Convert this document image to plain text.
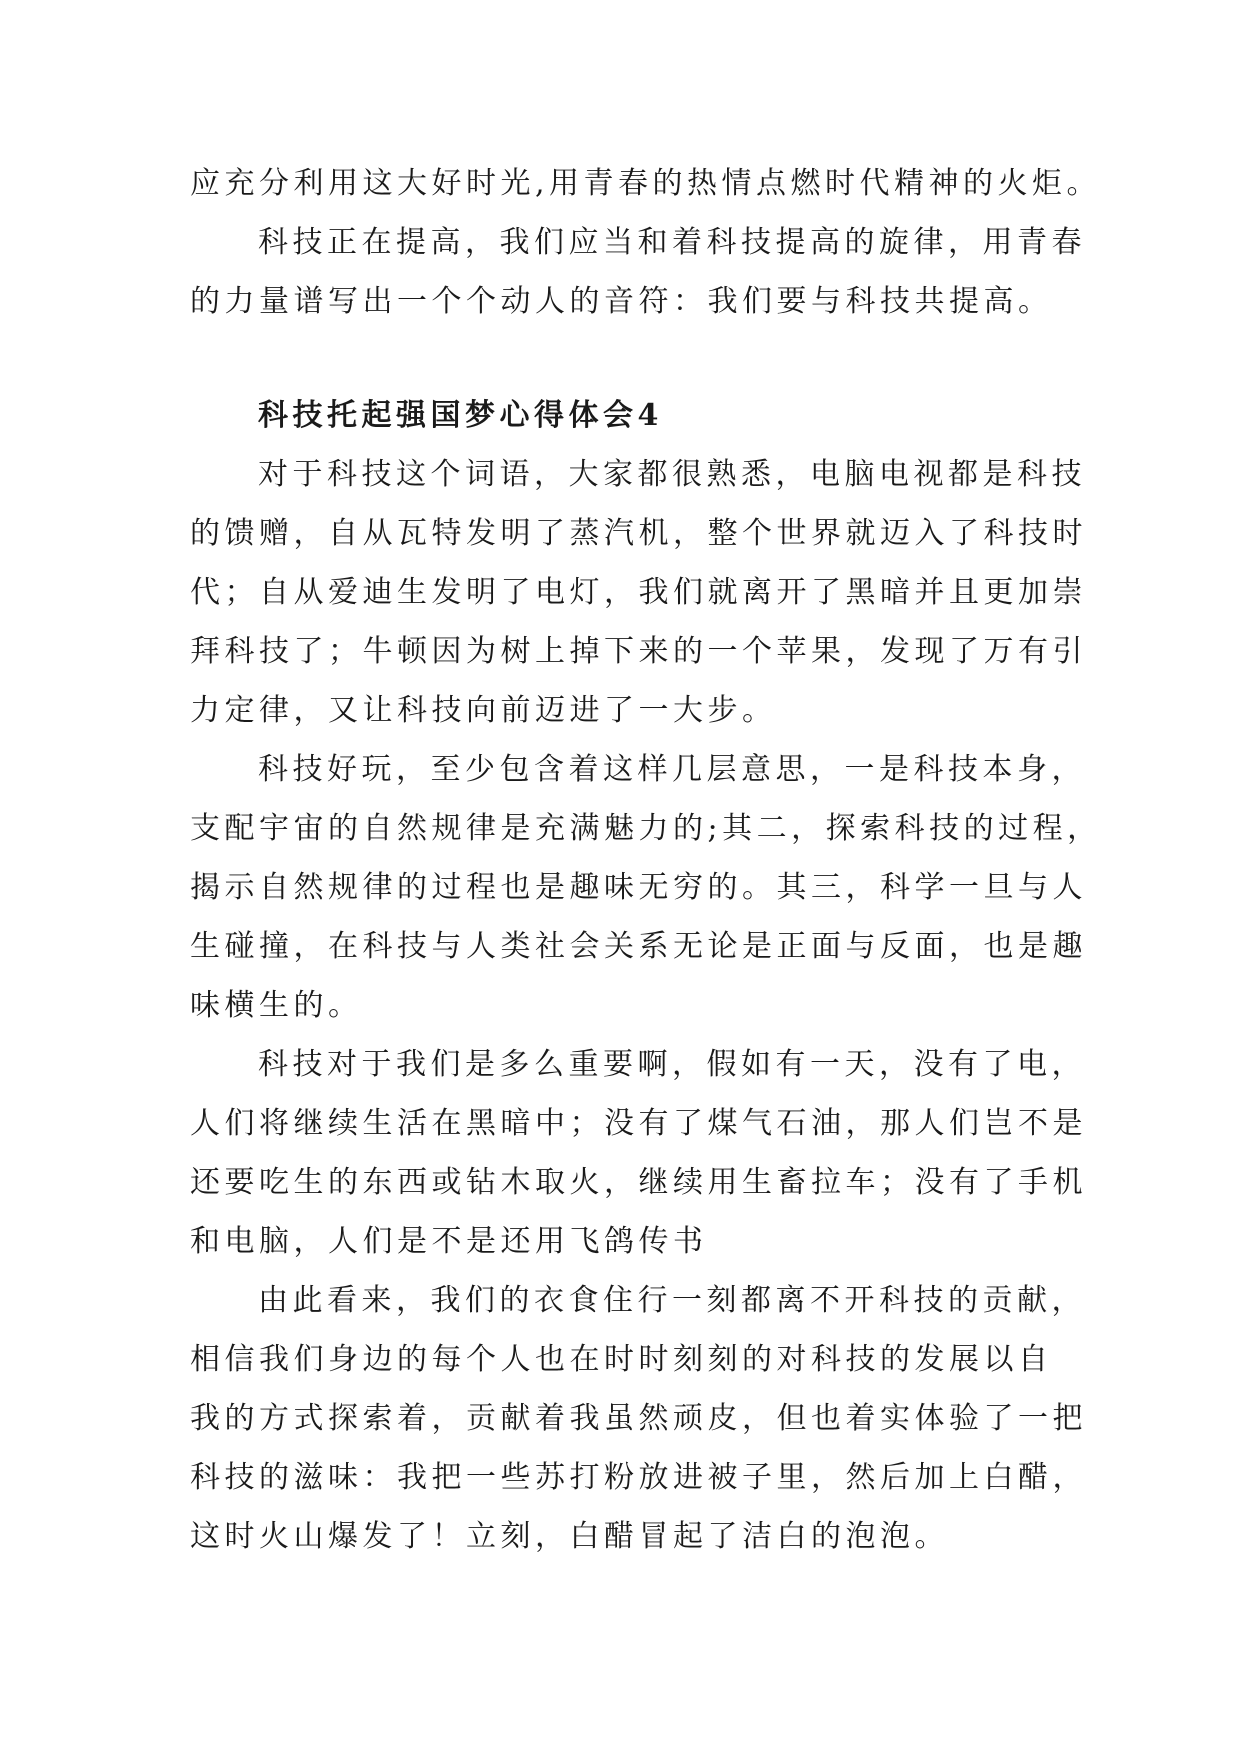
应充分利用这大好时光,用青春的热情点燃时代精神的火炬。

科技正在提高，我们应当和着科技提高的旋律，用青春
的力量谱写出一个个动人的音符：我们要与科技共提高。

科技托起强国梦心得体会4

对于科技这个词语，大家都很熟悉，电脑电视都是科技
的馈赠，自从瓦特发明了蒸汽机，整个世界就迈入了科技时
代；自从爱迪生发明了电灯，我们就离开了黑暗并且更加崇
拜科技了；牛顿因为树上掉下来的一个苹果，发现了万有引
力定律，又让科技向前迈进了一大步。

科技好玩，至少包含着这样几层意思，一是科技本身，
支配宇宙的自然规律是充满魅力的;其二，探索科技的过程，
揭示自然规律的过程也是趣味无穷的。其三，科学一旦与人
生碰撞，在科技与人类社会关系无论是正面与反面，也是趣
味横生的。

科技对于我们是多么重要啊，假如有一天，没有了电，
人们将继续生活在黑暗中；没有了煤气石油，那人们岂不是
还要吃生的东西或钻木取火，继续用生畜拉车；没有了手机
和电脑，人们是不是还用飞鸽传书

由此看来，我们的衣食住行一刻都离不开科技的贡献，
相信我们身边的每个人也在时时刻刻的对科技的发展以自
我的方式探索着，贡献着我虽然顽皮，但也着实体验了一把
科技的滋味：我把一些苏打粉放进被子里，然后加上白醋，
这时火山爆发了！立刻，白醋冒起了洁白的泡泡。
